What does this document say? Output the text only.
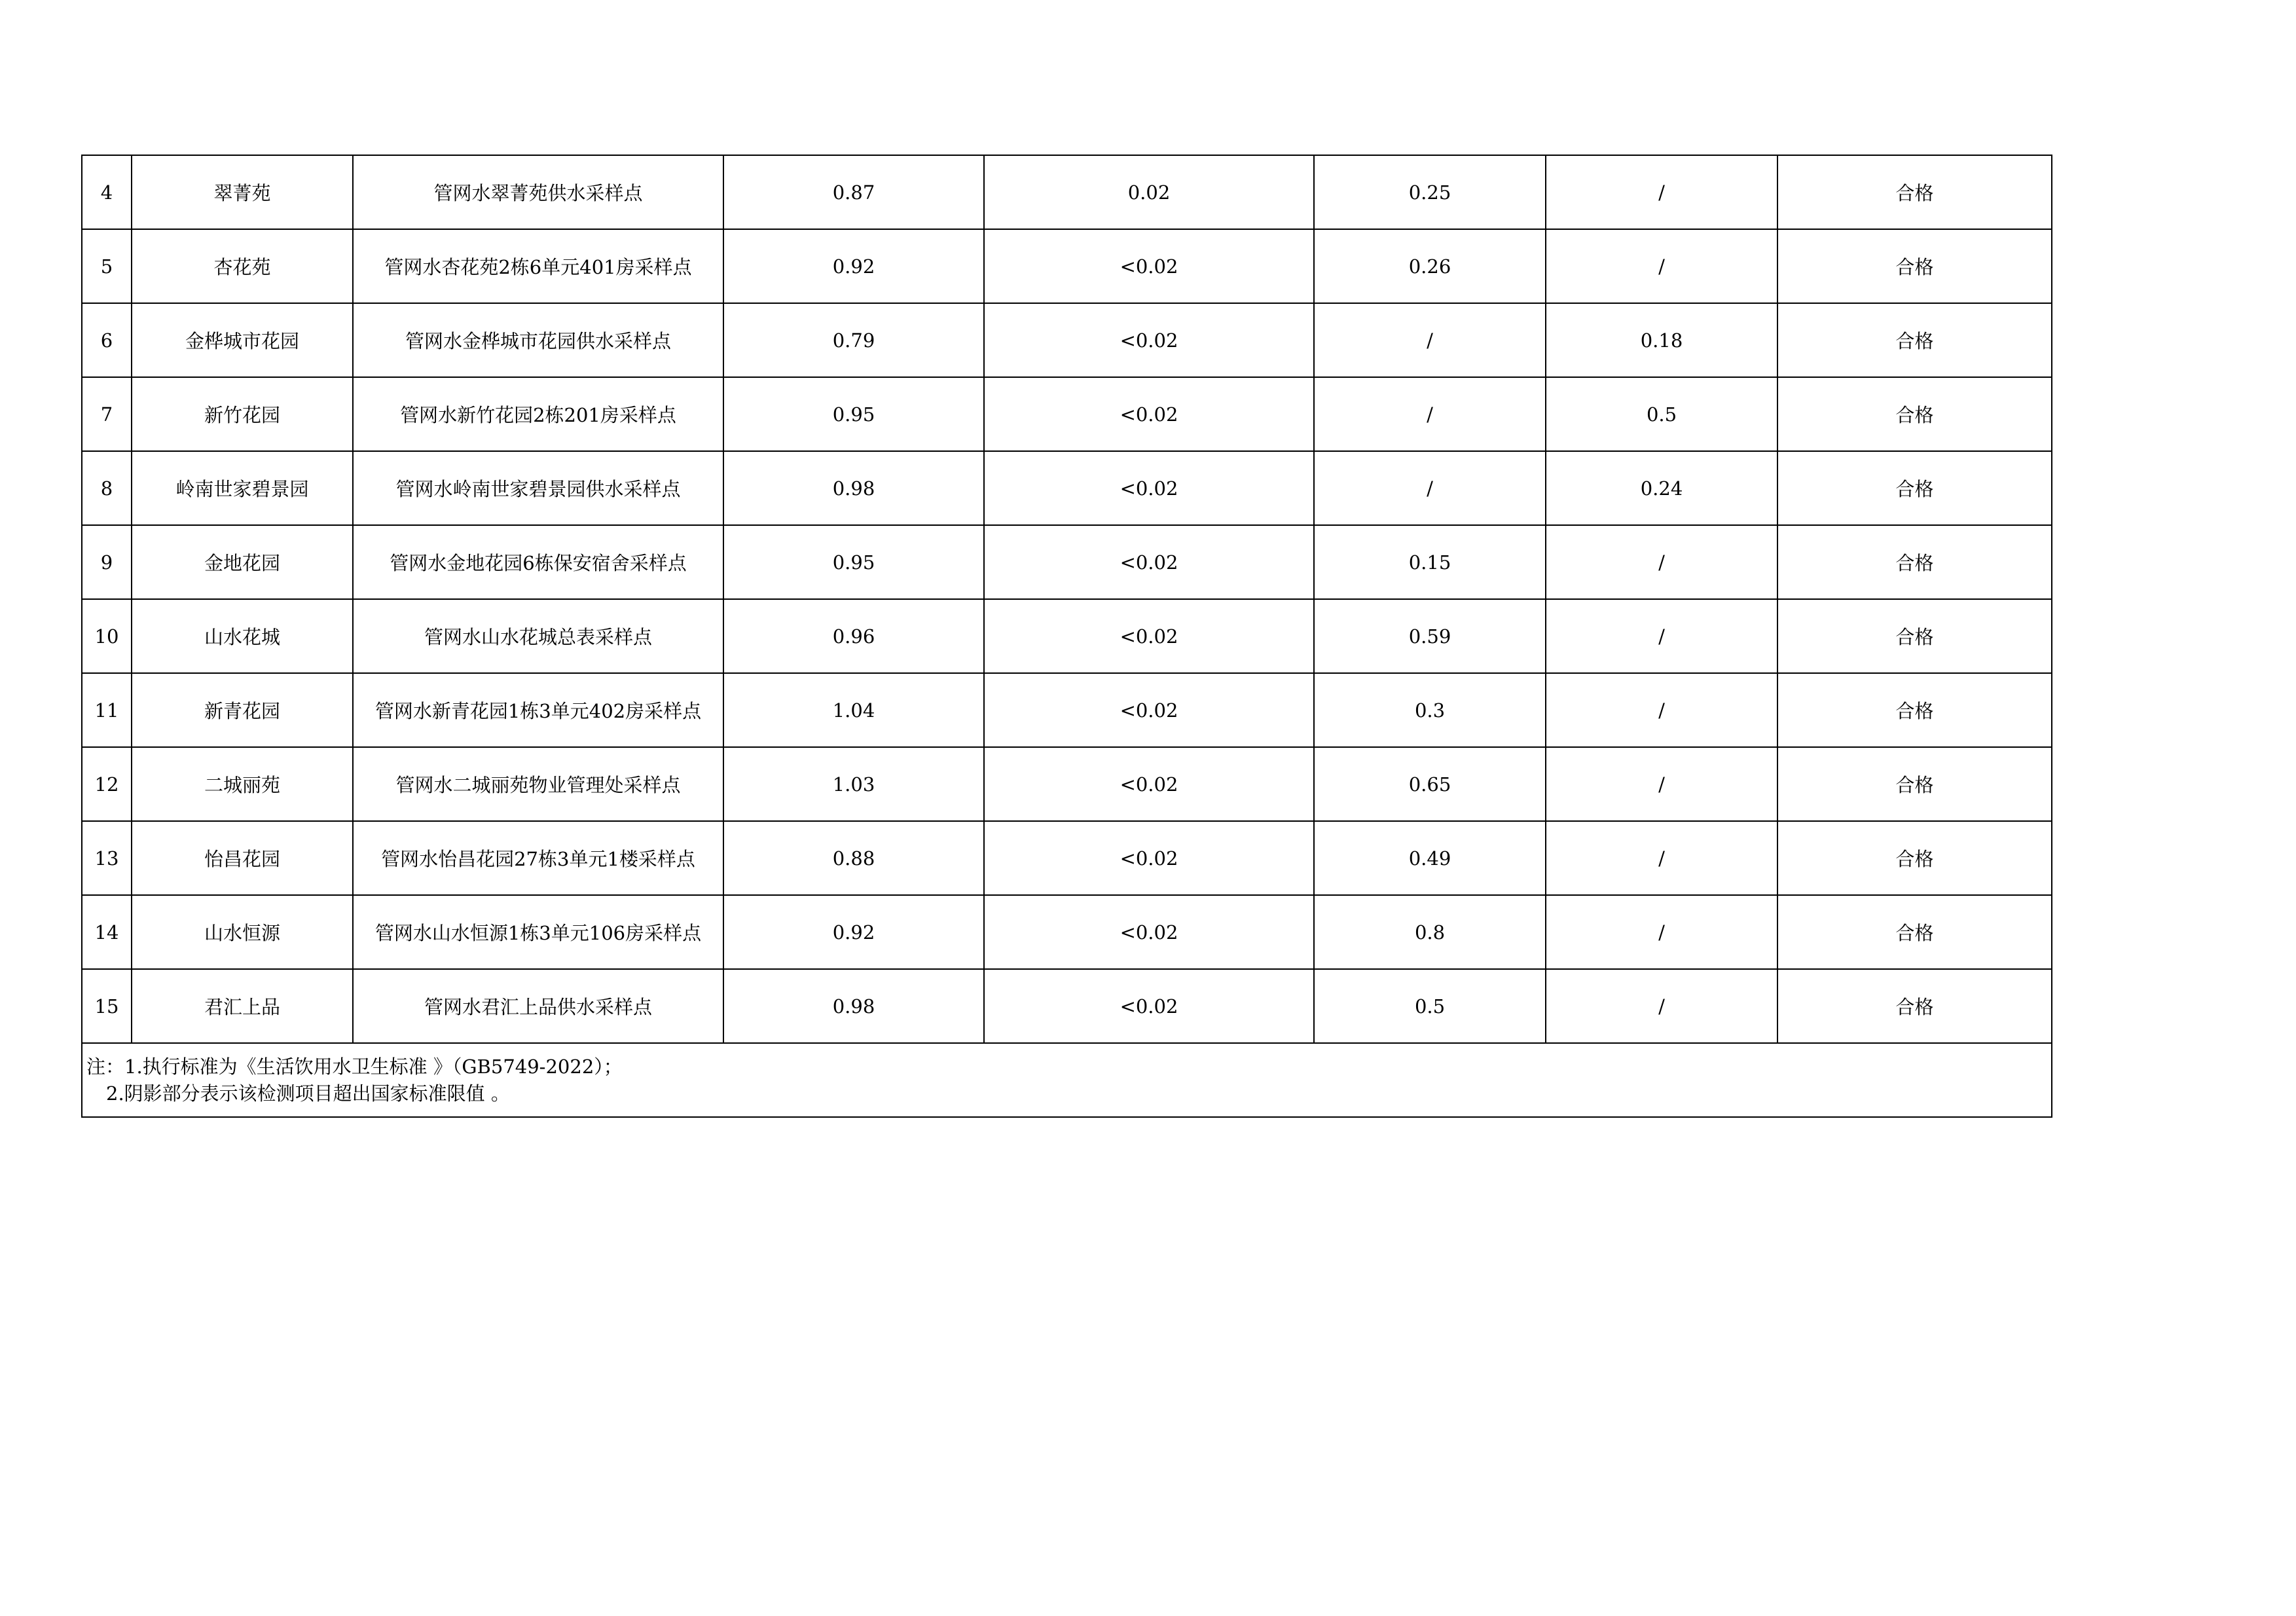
4	翠菁苑	管网水翠菁苑供水采样点	0.87	0.02	0.25	/	合格
5	杏花苑	管网水杏花苑2栋6单元401房采样点	0.92	<0.02	0.26	/	合格
6	金桦城市花园	管网水金桦城市花园供水采样点	0.79	<0.02	/	0.18	合格
7	新竹花园	管网水新竹花园2栋201房采样点	0.95	<0.02	/	0.5	合格
8	岭南世家碧景园	管网水岭南世家碧景园供水采样点	0.98	<0.02	/	0.24	合格
9	金地花园	管网水金地花园6栋保安宿舍采样点	0.95	<0.02	0.15	/	合格
10	山水花城	管网水山水花城总表采样点	0.96	<0.02	0.59	/	合格
11	新青花园	管网水新青花园1栋3单元402房采样点	1.04	<0.02	0.3	/	合格
12	二城丽苑	管网水二城丽苑物业管理处采样点	1.03	<0.02	0.65	/	合格
13	怡昌花园	管网水怡昌花园27栋3单元1楼采样点	0.88	<0.02	0.49	/	合格
14	山水恒源	管网水山水恒源1栋3单元106房采样点	0.92	<0.02	0.8	/	合格
15	君汇上品	管网水君汇上品供水采样点	0.98	<0.02	0.5	/	合格

注：1.执行标准为《生活饮用水卫生标准 》（GB5749-2022）；
2.阴影部分表示该检测项目超出国家标准限值 。							
